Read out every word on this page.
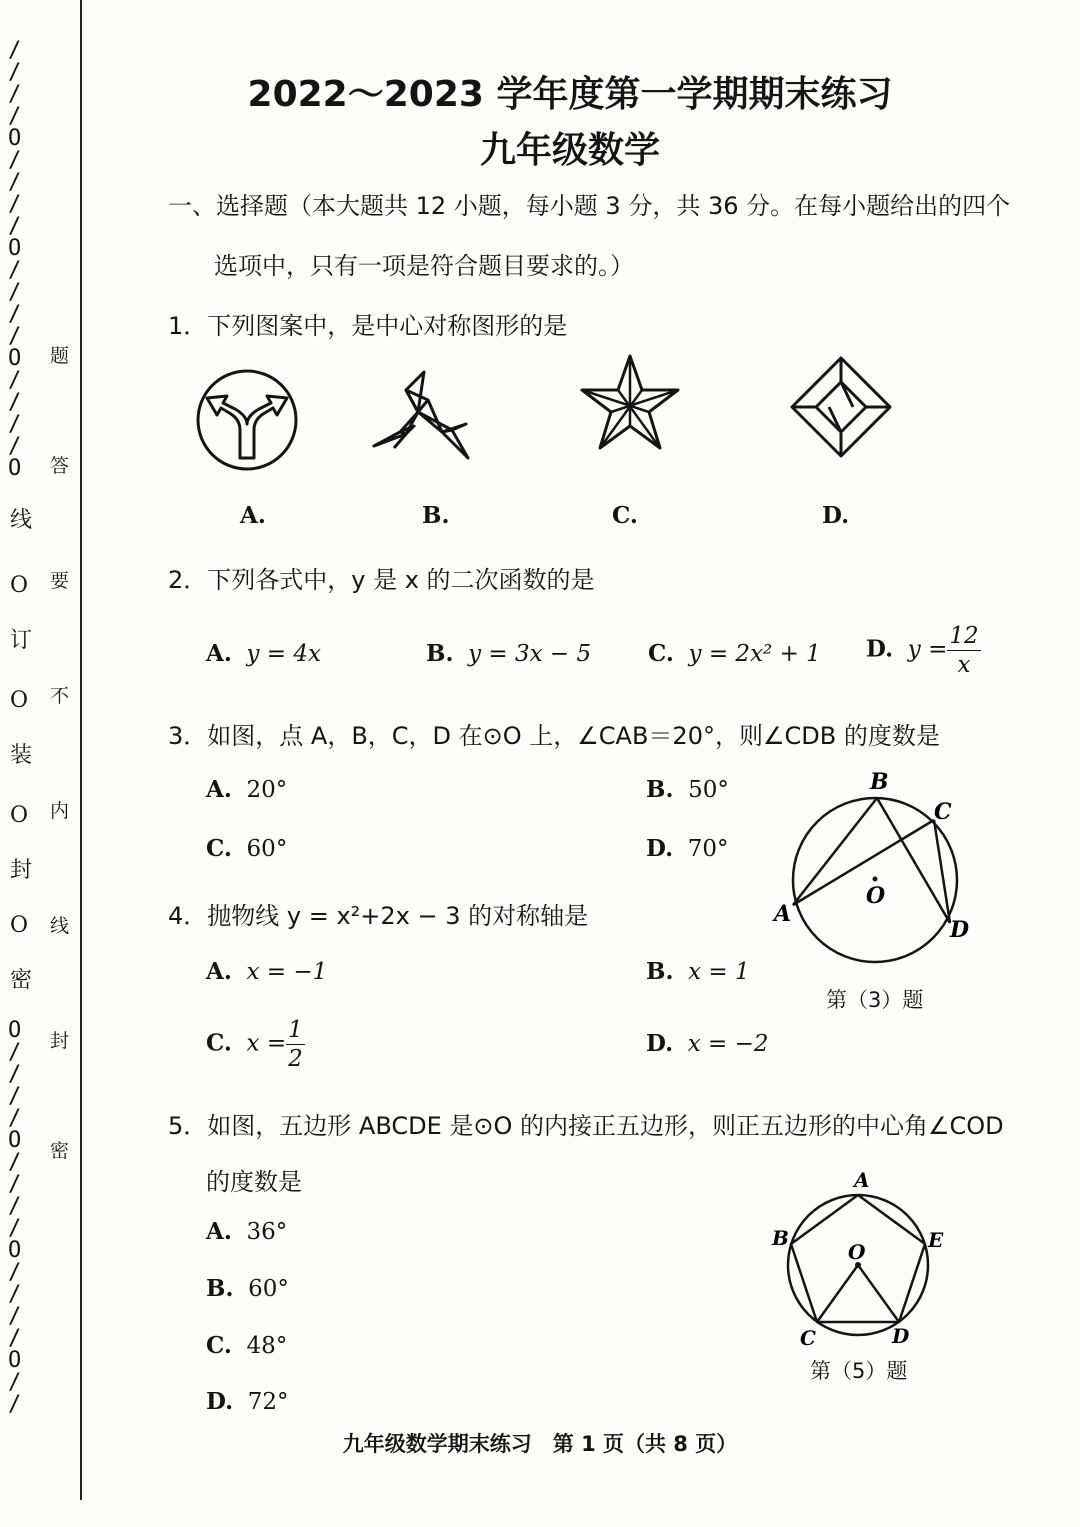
/
/
/
/
O
/
/
/
/
O
/
/
/
/
O
/
/
/
/
O
线
O
订
O
装
O
封
O
密
O
/
/
/
/
O
/
/
/
/
O
/
/
/
/
O
/
/
题
答
要
不
内
线
封
密
2022～2023 学年度第一学期期末练习
九年级数学
一、选择题（本大题共 12 小题，每小题 3 分，共 36 分。在每小题给出的四个
选项中，只有一项是符合题目要求的。）
1．下列图案中，是中心对称图形的是
A.	B.	C.	D.
2．下列各式中，y 是 x 的二次函数的是
A. y = 4x	B. y = 3x − 5 C. y = 2x² + 1 D. $y = \frac{12}{x}$
3．如图，点 A，B，C，D 在⊙O 上，∠CAB＝20°，则∠CDB 的度数是
A. 20°	B. 50°
C. 60°	D. 70°
B
C
O
A
D
第（3）题
4．抛物线 y = x²+2x − 3 的对称轴是
A. x = −1	B. x = 1
C. $x = \frac{1}{2}$	D. x = −2
5．如图，五边形 ABCDE 是⊙O 的内接正五边形，则正五边形的中心角∠COD
的度数是
A. 36°
B. 60°
C. 48°
D. 72°
A
B	E
O
C	D
第（5）题
九年级数学期末练习　第 1 页（共 8 页）
